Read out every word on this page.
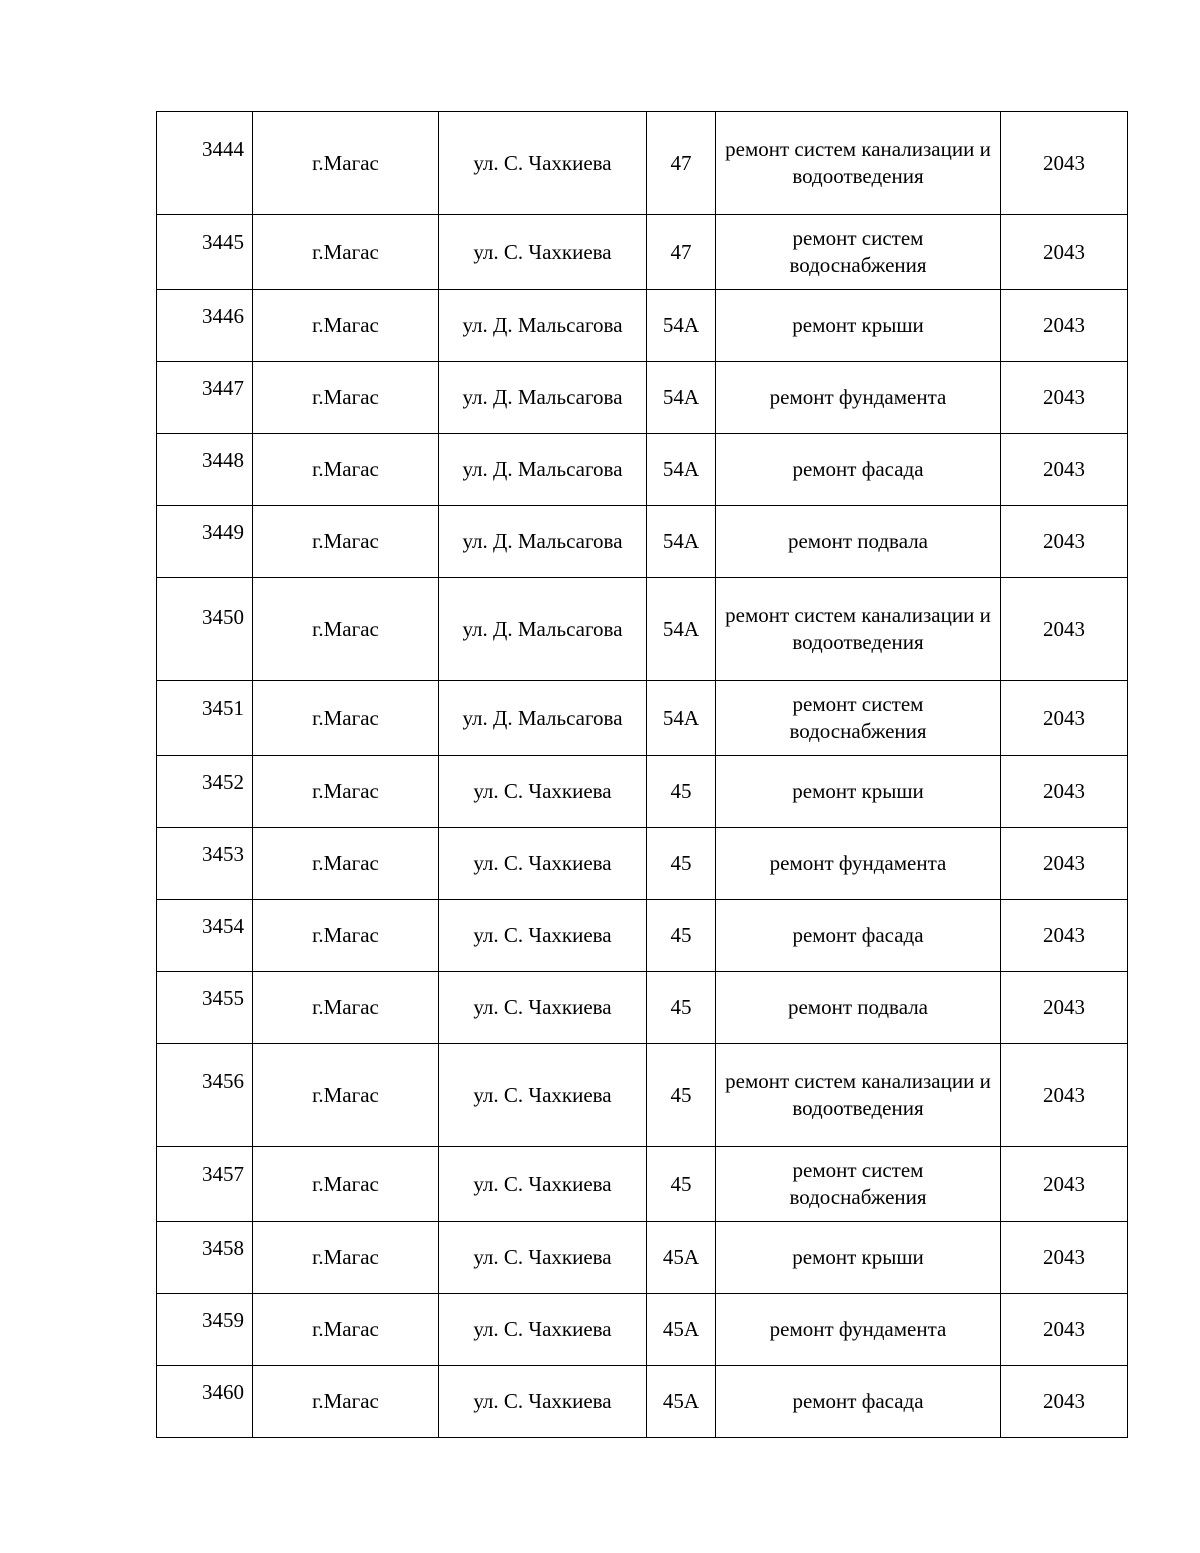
3444	г.Магас	ул. С. Чахкиева	47	ремонт систем канализации и водоотведения	2043
3445	г.Магас	ул. С. Чахкиева	47	ремонт систем водоснабжения	2043
3446	г.Магас	ул. Д. Мальсагова	54А	ремонт крыши	2043
3447	г.Магас	ул. Д. Мальсагова	54А	ремонт фундамента	2043
3448	г.Магас	ул. Д. Мальсагова	54А	ремонт фасада	2043
3449	г.Магас	ул. Д. Мальсагова	54А	ремонт подвала	2043
3450	г.Магас	ул. Д. Мальсагова	54А	ремонт систем канализации и водоотведения	2043
3451	г.Магас	ул. Д. Мальсагова	54А	ремонт систем водоснабжения	2043
3452	г.Магас	ул. С. Чахкиева	45	ремонт крыши	2043
3453	г.Магас	ул. С. Чахкиева	45	ремонт фундамента	2043
3454	г.Магас	ул. С. Чахкиева	45	ремонт фасада	2043
3455	г.Магас	ул. С. Чахкиева	45	ремонт подвала	2043
3456	г.Магас	ул. С. Чахкиева	45	ремонт систем канализации и водоотведения	2043
3457	г.Магас	ул. С. Чахкиева	45	ремонт систем водоснабжения	2043
3458	г.Магас	ул. С. Чахкиева	45А	ремонт крыши	2043
3459	г.Магас	ул. С. Чахкиева	45А	ремонт фундамента	2043
3460	г.Магас	ул. С. Чахкиева	45А	ремонт фасада	2043
